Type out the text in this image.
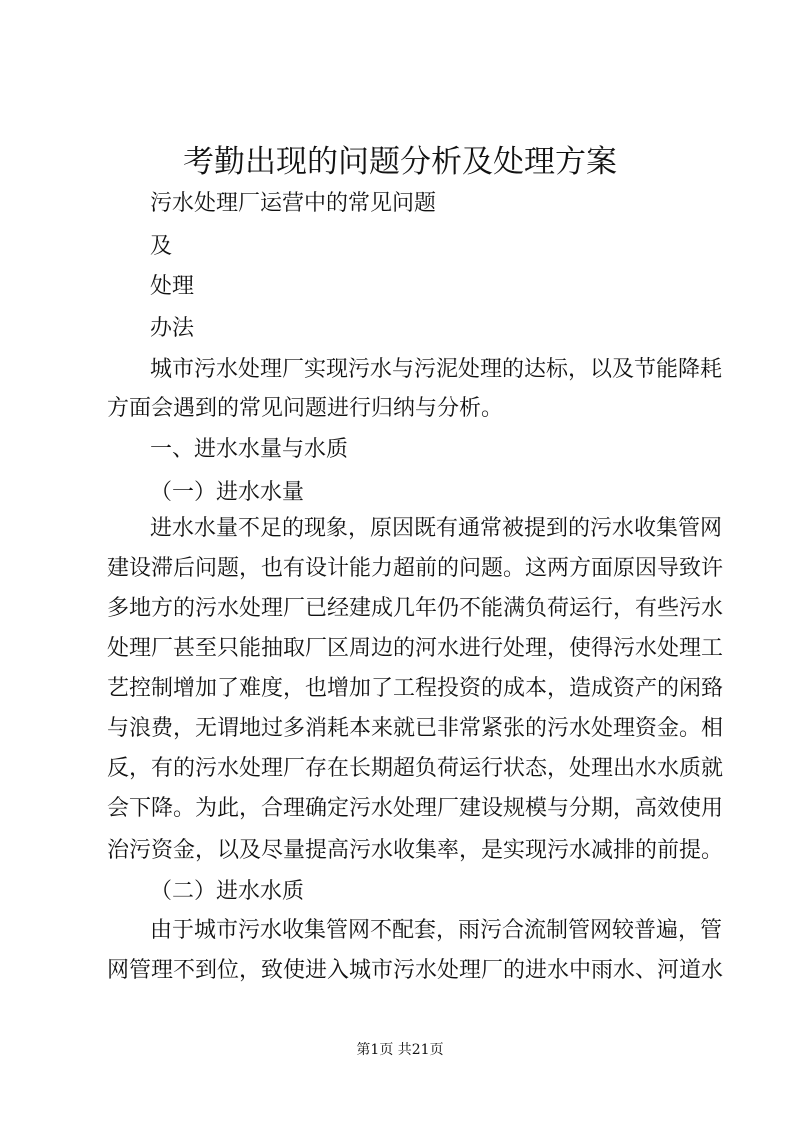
考勤出现的问题分析及处理方案
污水处理厂运营中的常见问题
及
处理
办法
城市污水处理厂实现污水与污泥处理的达标，以及节能降耗
方面会遇到的常见问题进行归纳与分析。
一、进水水量与水质
（一）进水水量
进水水量不足的现象，原因既有通常被提到的污水收集管网
建设滞后问题，也有设计能力超前的问题。这两方面原因导致许
多地方的污水处理厂已经建成几年仍不能满负荷运行，有些污水
处理厂甚至只能抽取厂区周边的河水进行处理，使得污水处理工
艺控制增加了难度，也增加了工程投资的成本，造成资产的闲臵
与浪费，无谓地过多消耗本来就已非常紧张的污水处理资金。相
反，有的污水处理厂存在长期超负荷运行状态，处理出水水质就
会下降。为此，合理确定污水处理厂建设规模与分期，高效使用
治污资金，以及尽量提高污水收集率，是实现污水减排的前提。
（二）进水水质
由于城市污水收集管网不配套，雨污合流制管网较普遍，管
网管理不到位，致使进入城市污水处理厂的进水中雨水、河道水
第1页 共21页
